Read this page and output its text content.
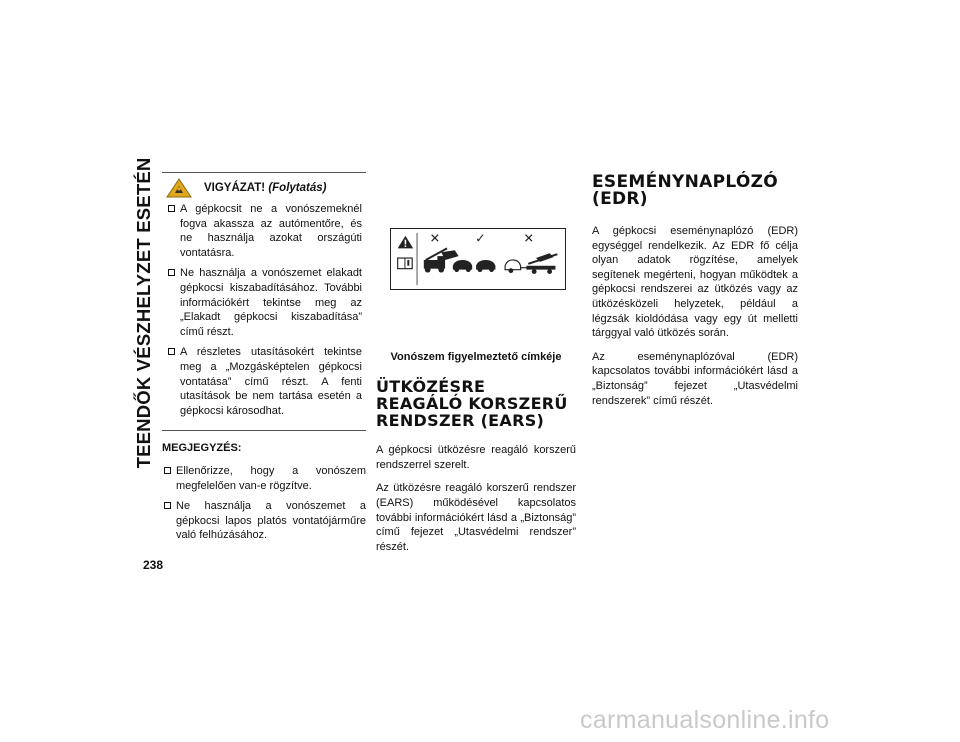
TEENDŐK VÉSZHELYZET ESETÉN
238
VIGYÁZAT! (Folytatás)
A gépkocsit ne a vonószemeknél fogva akassza az autómentőre, és ne használja azokat országúti vontatásra.
Ne használja a vonószemet elakadt gépkocsi kiszabadításához. További információkért tekintse meg az „Elakadt gépkocsi kiszabadítása” című részt.
A részletes utasításokért tekintse meg a „Mozgásképtelen gépkocsi vontatása” című részt. A fenti utasítások be nem tartása esetén a gépkocsi károsodhat.
MEGJEGYZÉS:
Ellenőrizze, hogy a vonószem megfelelően van-e rögzítve.
Ne használja a vonószemet a gépkocsi lapos platós vontatójárműre való felhúzásához.
✕	✓	✕
Vonószem figyelmeztető címkéje
ÜTKÖZÉSRE REAGÁLÓ KORSZERŰ RENDSZER (EARS)

A gépkocsi ütközésre reagáló korszerű rendszerrel szerelt.

Az ütközésre reagáló korszerű rendszer (EARS) működésével kapcsolatos további információkért lásd a „Biztonság” című fejezet „Utasvédelmi rendszer” részét.

ESEMÉNYNAPLÓZÓ (EDR)

A gépkocsi eseménynaplózó (EDR) egységgel rendelkezik. Az EDR fő célja olyan adatok rögzítése, amelyek segítenek megérteni, hogyan működtek a gépkocsi rendszerei az ütközés vagy az ütközésközeli helyzetek, például a légzsák kioldódása vagy egy út melletti tárggyal való ütközés során.

Az eseménynaplózóval (EDR) kapcsolatos további információkért lásd a „Biztonság” fejezet „Utasvédelmi rendszerek” című részét.

carmanualsonline.info
